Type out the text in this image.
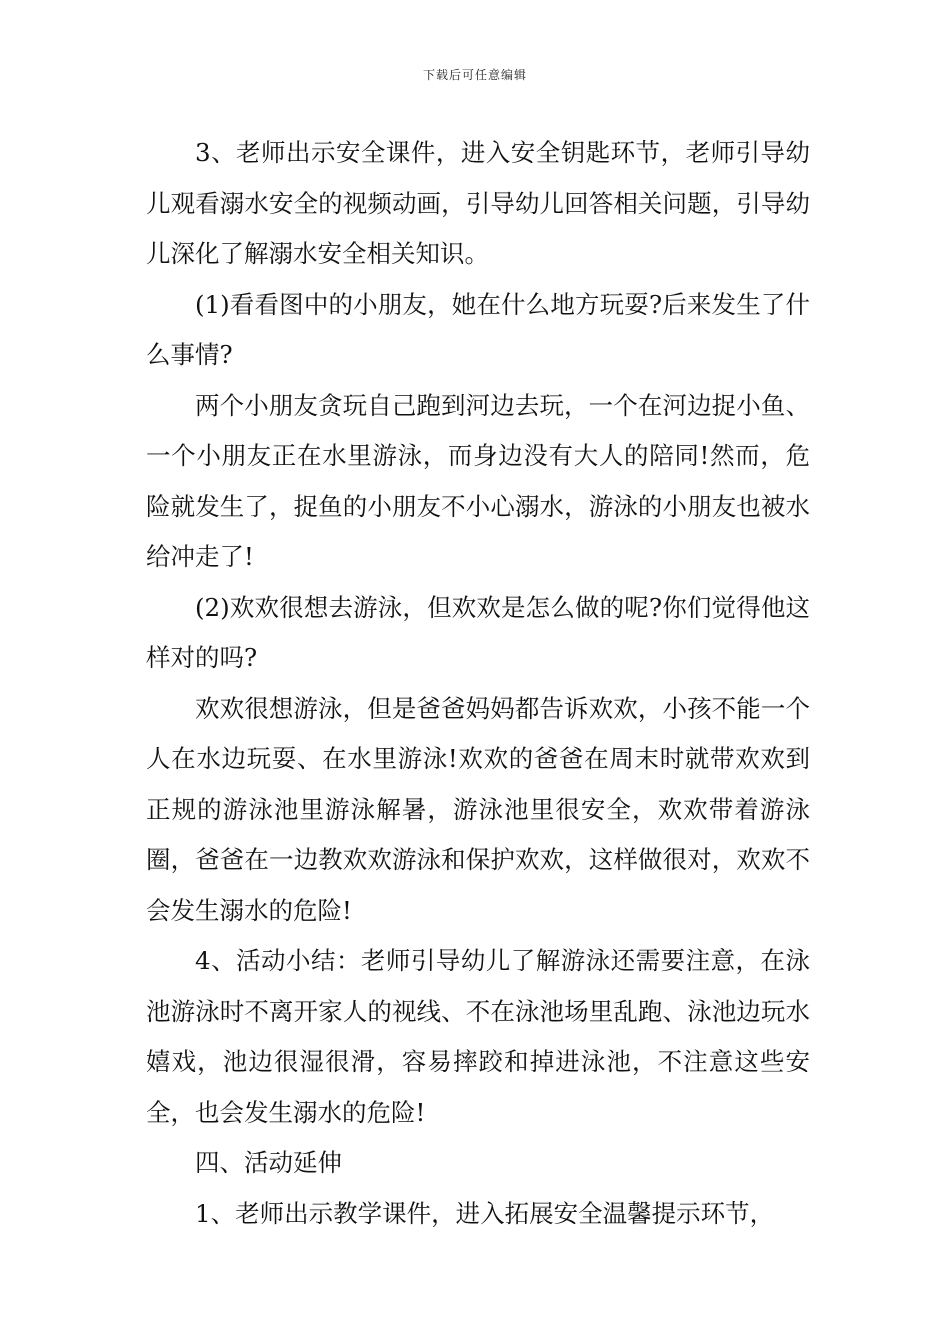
下载后可任意编辑

3、老师出示安全课件，进入安全钥匙环节，老师引导幼儿观看溺水安全的视频动画，引导幼儿回答相关问题，引导幼儿深化了解溺水安全相关知识。

(1)看看图中的小朋友，她在什么地方玩耍?后来发生了什么事情?

两个小朋友贪玩自己跑到河边去玩，一个在河边捉小鱼、一个小朋友正在水里游泳，而身边没有大人的陪同!然而，危险就发生了，捉鱼的小朋友不小心溺水，游泳的小朋友也被水给冲走了!

(2)欢欢很想去游泳，但欢欢是怎么做的呢?你们觉得他这样对的吗?

欢欢很想游泳，但是爸爸妈妈都告诉欢欢，小孩不能一个人在水边玩耍、在水里游泳!欢欢的爸爸在周末时就带欢欢到正规的游泳池里游泳解暑，游泳池里很安全，欢欢带着游泳圈，爸爸在一边教欢欢游泳和保护欢欢，这样做很对，欢欢不会发生溺水的危险!

4、活动小结：老师引导幼儿了解游泳还需要注意，在泳池游泳时不离开家人的视线、不在泳池场里乱跑、泳池边玩水嬉戏，池边很湿很滑，容易摔跤和掉进泳池，不注意这些安全，也会发生溺水的危险!

四、活动延伸

1、老师出示教学课件，进入拓展安全温馨提示环节，
